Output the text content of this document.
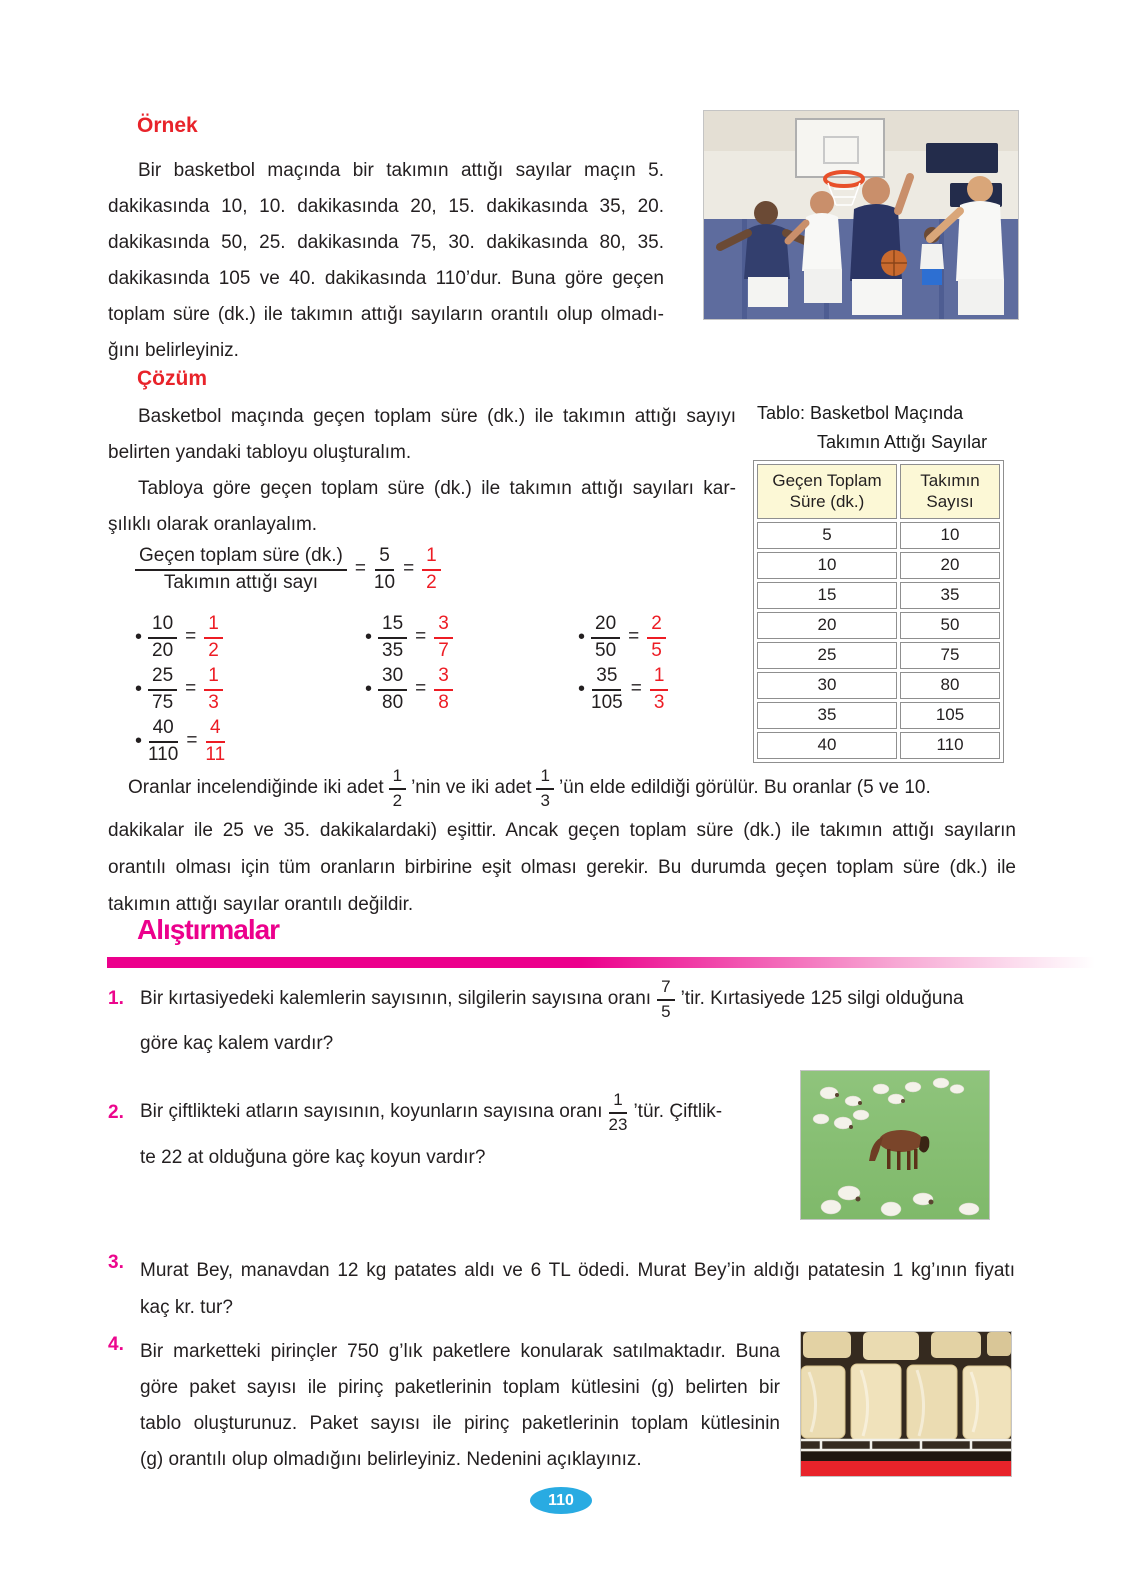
Örnek
Bir basketbol maçında bir takımın attığı sayılar maçın 5.
dakikasında 10, 10. dakikasında 20, 15. dakikasında 35, 20.
dakikasında 50, 25. dakikasında 75, 30. dakikasında 80, 35.
dakikasında 105 ve 40. dakikasında 110’dur. Buna göre geçen
toplam süre (dk.) ile takımın attığı sayıların orantılı olup olmadı-
ğını belirleyiniz.
Çözüm
Basketbol maçında geçen toplam süre (dk.) ile takımın attığı sayıyı
belirten yandaki tabloyu oluşturalım.
Tabloya göre geçen toplam süre (dk.) ile takımın attığı sayıları kar-
şılıklı olarak oranlayalım.
Tablo: Basketbol Maçında
Takımın Attığı Sayılar
Geçen Toplam
Süre (dk.)	Takımın
Sayısı
5	10
10	20
15	35
20	50
25	75
30	80
35	105
40	110
Geçen toplam süre (dk.)
Takımın attığı sayı
= $\frac{5}{10} = \frac{1}{2}$
• $\frac{10}{20} = \frac{1}{2}$	• $\frac{15}{35} = \frac{3}{7}$	• $\frac{20}{50} = \frac{2}{5}$
• $\frac{25}{75} = \frac{1}{3}$	• $\frac{30}{80} = \frac{3}{8}$	• $\frac{35}{105} = \frac{1}{3}$
• $\frac{40}{110} = \frac{4}{11}$
Oranlar incelendiğinde iki adet $\frac{1}{2}$ ’nin ve iki adet $\frac{1}{3}$ ’ün elde edildiği görülür. Bu oranlar (5 ve 10.
dakikalar ile 25 ve 35. dakikalardaki) eşittir. Ancak geçen toplam süre (dk.) ile takımın attığı sayıların
orantılı olması için tüm oranların birbirine eşit olması gerekir. Bu durumda geçen toplam süre (dk.) ile
takımın attığı sayılar orantılı değildir.
Alıştırmalar
1. Bir kırtasiyedeki kalemlerin sayısının, silgilerin sayısına oranı $\frac{7}{5}$ ’tir. Kırtasiyede 125 silgi olduğuna
göre kaç kalem vardır?
2. Bir çiftlikteki atların sayısının, koyunların sayısına oranı $\frac{1}{23}$ ’tür. Çiftlik-
te 22 at olduğuna göre kaç koyun vardır?
3. Murat Bey, manavdan 12 kg patates aldı ve 6 TL ödedi. Murat Bey’in aldığı patatesin 1 kg’ının fiyatı
kaç kr. tur?
4. Bir marketteki pirinçler 750 g’lık paketlere konularak satılmaktadır. Buna
göre paket sayısı ile pirinç paketlerinin toplam kütlesini (g) belirten bir
tablo oluşturunuz. Paket sayısı ile pirinç paketlerinin toplam kütlesinin
(g) orantılı olup olmadığını belirleyiniz. Nedenini açıklayınız.
110
